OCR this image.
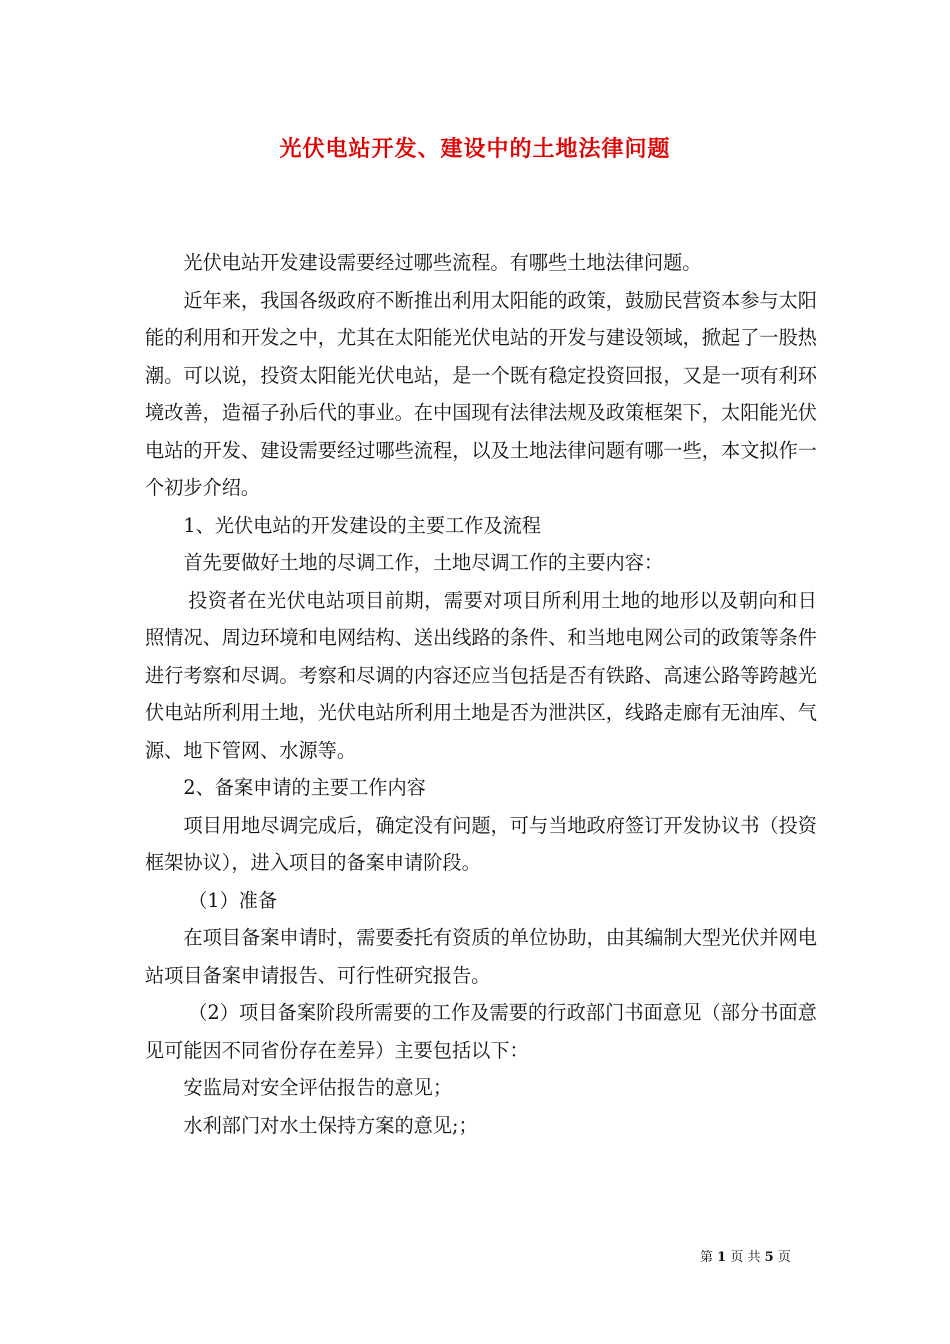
光伏电站开发、建设中的土地法律问题

光伏电站开发建设需要经过哪些流程。有哪些土地法律问题。

近年来，我国各级政府不断推出利用太阳能的政策，鼓励民营资本参与太阳能的利用和开发之中，尤其在太阳能光伏电站的开发与建设领域，掀起了一股热潮。可以说，投资太阳能光伏电站，是一个既有稳定投资回报，又是一项有利环境改善，造福子孙后代的事业。在中国现有法律法规及政策框架下，太阳能光伏电站的开发、建设需要经过哪些流程，以及土地法律问题有哪一些，本文拟作一个初步介绍。

1、光伏电站的开发建设的主要工作及流程

首先要做好土地的尽调工作，土地尽调工作的主要内容：

投资者在光伏电站项目前期，需要对项目所利用土地的地形以及朝向和日照情况、周边环境和电网结构、送出线路的条件、和当地电网公司的政策等条件进行考察和尽调。考察和尽调的内容还应当包括是否有铁路、高速公路等跨越光伏电站所利用土地，光伏电站所利用土地是否为泄洪区，线路走廊有无油库、气源、地下管网、水源等。

2、备案申请的主要工作内容

项目用地尽调完成后，确定没有问题，可与当地政府签订开发协议书（投资框架协议），进入项目的备案申请阶段。

（1）准备

在项目备案申请时，需要委托有资质的单位协助，由其编制大型光伏并网电站项目备案申请报告、可行性研究报告。

（2）项目备案阶段所需要的工作及需要的行政部门书面意见（部分书面意见可能因不同省份存在差异）主要包括以下：

安监局对安全评估报告的意见；

水利部门对水土保持方案的意见;；

第 1 页 共 5 页
